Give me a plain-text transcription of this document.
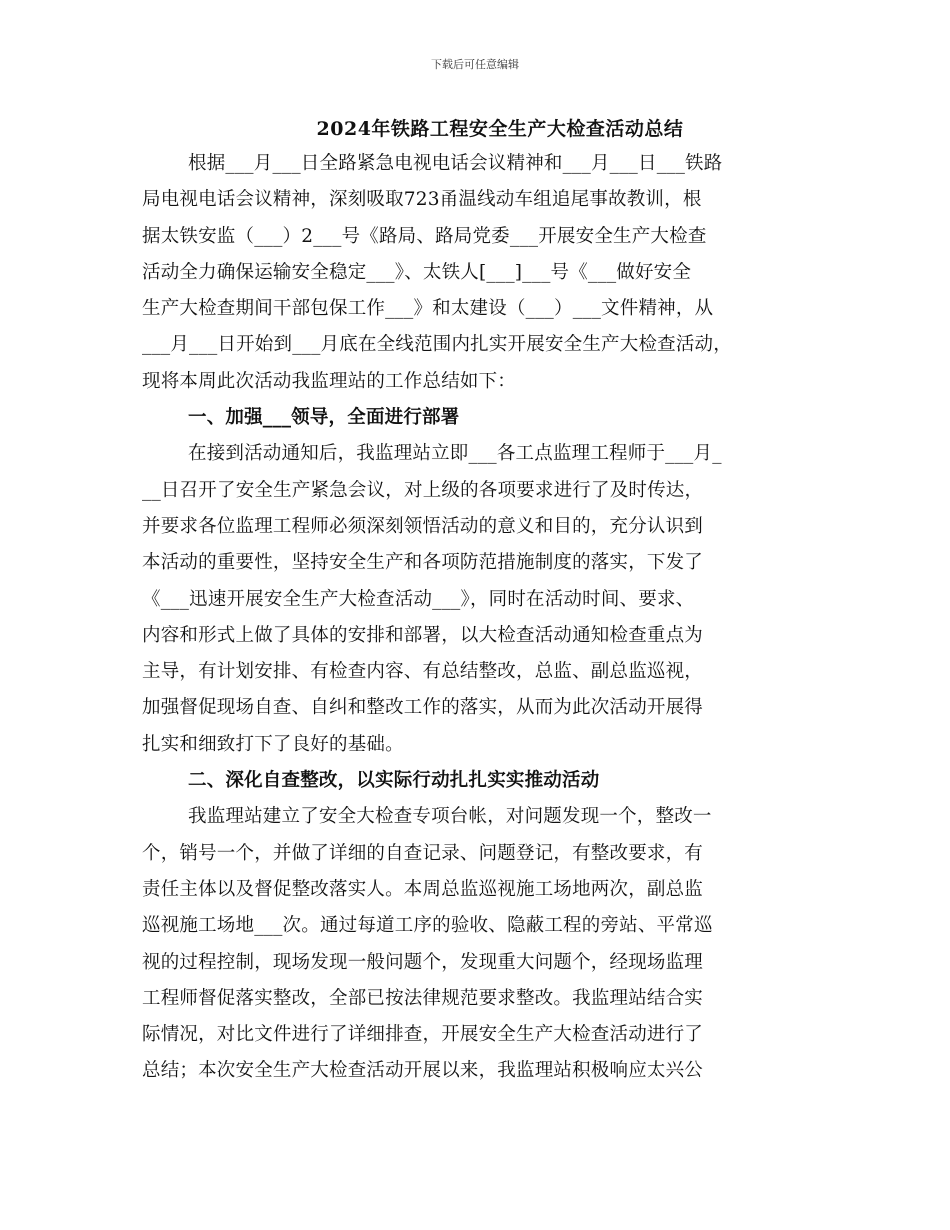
下载后可任意编辑
2024年铁路工程安全生产大检查活动总结
根据___月___日全路紧急电视电话会议精神和___月___日___铁路
局电视电话会议精神，深刻吸取723甬温线动车组追尾事故教训，根
据太铁安监（___）2___号《路局、路局党委___开展安全生产大检查
活动全力确保运输安全稳定___》、太铁人[___]___号《___做好安全
生产大检查期间干部包保工作___》和太建设（___）___文件精神，从
___月___日开始到___月底在全线范围内扎实开展安全生产大检查活动，
现将本周此次活动我监理站的工作总结如下：
一、加强___领导，全面进行部署
在接到活动通知后，我监理站立即___各工点监理工程师于___月_
__日召开了安全生产紧急会议，对上级的各项要求进行了及时传达，
并要求各位监理工程师必须深刻领悟活动的意义和目的，充分认识到
本活动的重要性，坚持安全生产和各项防范措施制度的落实，下发了
《___迅速开展安全生产大检查活动___》，同时在活动时间、要求、
内容和形式上做了具体的安排和部署，以大检查活动通知检查重点为
主导，有计划安排、有检查内容、有总结整改，总监、副总监巡视，
加强督促现场自查、自纠和整改工作的落实，从而为此次活动开展得
扎实和细致打下了良好的基础。
二、深化自查整改，以实际行动扎扎实实推动活动
我监理站建立了安全大检查专项台帐，对问题发现一个，整改一
个，销号一个，并做了详细的自查记录、问题登记，有整改要求，有
责任主体以及督促整改落实人。本周总监巡视施工场地两次，副总监
巡视施工场地___次。通过每道工序的验收、隐蔽工程的旁站、平常巡
视的过程控制，现场发现一般问题个，发现重大问题个，经现场监理
工程师督促落实整改，全部已按法律规范要求整改。我监理站结合实
际情况，对比文件进行了详细排查，开展安全生产大检查活动进行了
总结；本次安全生产大检查活动开展以来，我监理站积极响应太兴公
